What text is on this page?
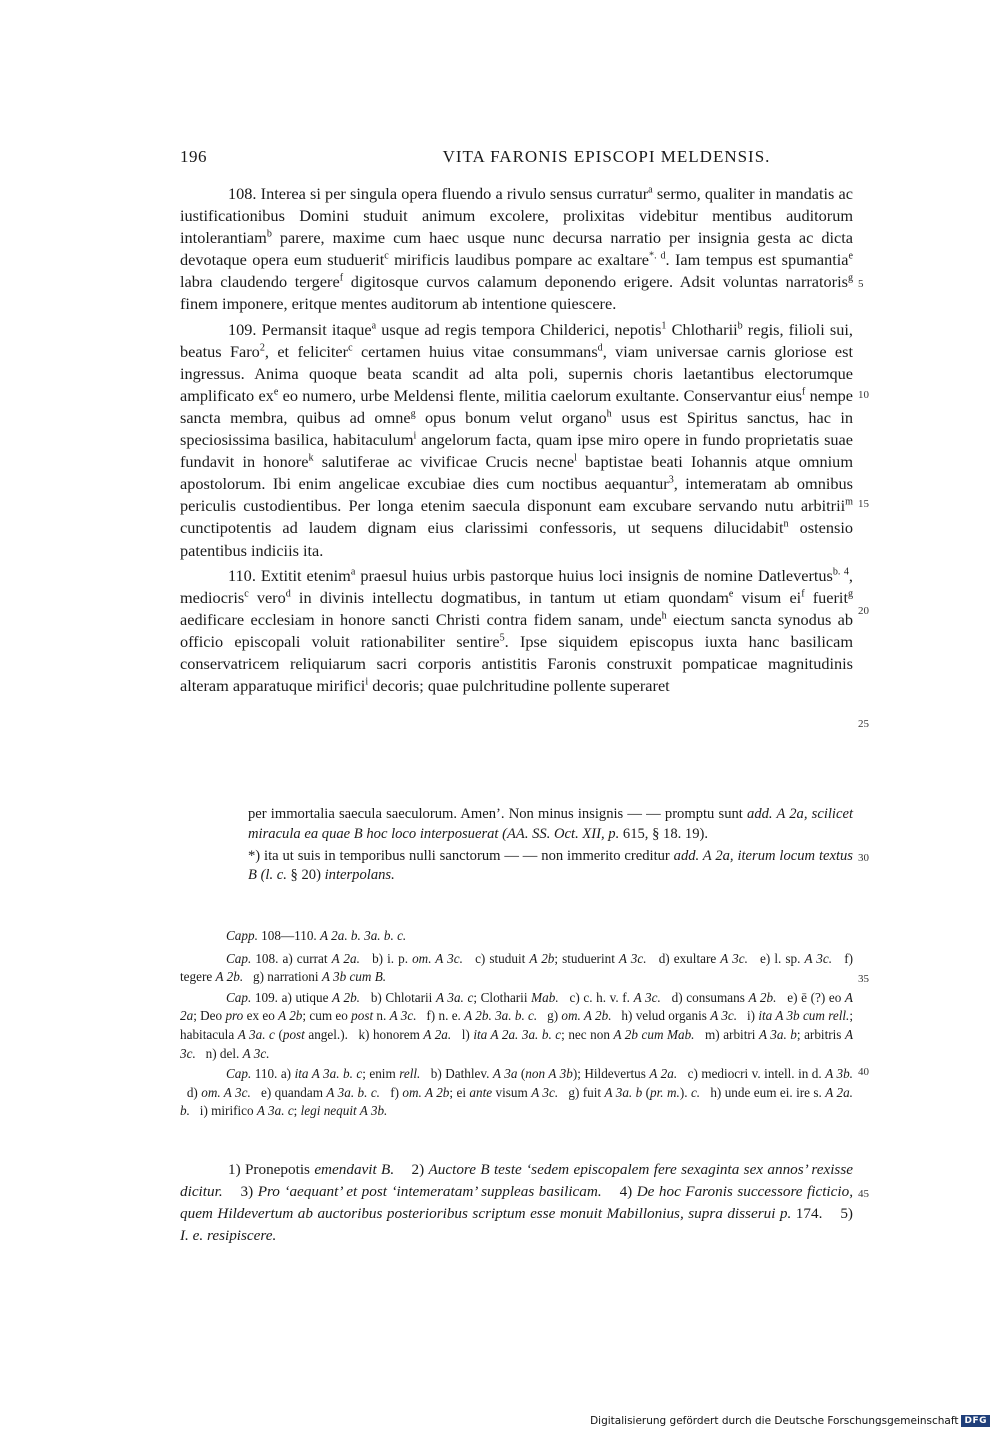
196	VITA FARONIS EPISCOPI MELDENSIS.

108. Interea si per singula opera fluendo a rivulo sensus curratur$^a$ sermo, qualiter in mandatis ac iustificationibus Domini studuit animum excolere, prolixitas videbitur mentibus auditorum intolerantiam$^b$ parere, maxime cum haec usque nunc decursa narratio per insignia gesta ac dicta devotaque opera eum studuerit$^c$ mirificis laudibus pompare ac exaltare$^{*. d}$. Iam tempus est spumantia$^e$ labra claudendo tergere$^f$ digitosque curvos calamum deponendo erigere. Adsit voluntas narratoris$^g$ finem imponere, eritque mentes auditorum ab intentione quiescere.

109. Permansit itaque$^a$ usque ad regis tempora Childerici, nepotis$^1$ Chlotharii$^b$ regis, filioli sui, beatus Faro$^2$, et feliciter$^c$ certamen huius vitae consummans$^d$, viam universae carnis gloriose est ingressus. Anima quoque beata scandit ad alta poli, supernis choris laetantibus electorumque amplificato $ex^e$ eo numero, urbe Meldensi flente, militia caelorum exultante. Conservantur eius$^f$ nempe sancta membra, quibus ad omne$^g$ opus bonum velut organo$^h$ usus est Spiritus sanctus, hac in speciosissima basilica, habitaculum$^i$ angelorum facta, quam ipse miro opere in fundo proprietatis suae fundavit in honore$^k$ salutiferae ac vivificae Crucis necne$^l$ baptistae beati Iohannis atque omnium apostolorum. Ibi enim angelicae excubiae dies cum noctibus aequantur$^3$, intemeratam ab omnibus periculis custodientibus. Per longa etenim saecula disponunt eam excubare servando nutu arbitrii$^m$ cunctipotentis ad laudem dignam eius clarissimi confessoris, ut sequens dilucidabit$^n$ ostensio patentibus indiciis ita.

110. Extitit etenim$^a$ praesul huius urbis pastorque huius loci insignis de nomine Datlevertus$^{b. 4}$, mediocris$^c$ vero$^d$ in divinis intellectu dogmatibus, in tantum ut etiam quondam$^e$ visum $ei^f$ fuerit$^g$ aedificare ecclesiam in honore sancti Christi contra fidem sanam, unde$^h$ eiectum sancta synodus ab officio episcopali voluit rationabiliter sentire$^5$. Ipse siquidem episcopus iuxta hanc basilicam conservatricem reliquiarum sacri corporis antistitis Faronis construxit pompaticae magnitudinis alteram apparatuque mirifici$^i$ decoris; quae pulchritudine pollente superaret

per immortalia saecula saeculorum. Amen’. Non minus insignis — — promptu sunt add. A 2a, scilicet miracula ea quae B hoc loco interposuerat (AA. SS. Oct. XII, p. 615, § 18. 19).

*) ita ut suis in temporibus nulli sanctorum — — non immerito creditur add. A 2a, iterum locum textus B (l. c. § 20) interpolans.

Capp. 108—110. A 2a. b. 3a. b. c.

Cap. 108. a) currat A 2a.   b) i. p. om. A 3c.   c) studuit A 2b; studuerint A 3c.   d) exultare A 3c.   e) l. sp. A 3c.   f) tegere A 2b.   g) narrationi A 3b cum B.

Cap. 109. a) utique A 2b.   b) Chlotarii A 3a. c; Clotharii Mab.   c) c. h. v. f. A 3c.   d) consumans A 2b.   e) ē (?) eo A 2a; Deo pro ex eo A 2b; cum eo post n. A 3c.   f) n. e. A 2b. 3a. b. c.   g) om. A 2b.   h) velud organis A 3c.   i) ita A 3b cum rell.; habitacula A 3a. c (post angel.).   k) honorem A 2a.   l) ita A 2a. 3a. b. c; nec non A 2b cum Mab.   m) arbitri A 3a. b; arbitris A 3c.   n) del. A 3c.

Cap. 110. a) ita A 3a. b. c; enim rell.   b) Dathlev. A 3a (non A 3b); Hildevertus A 2a.   c) mediocri v. intell. in d. A 3b.   d) om. A 3c.   e) quandam A 3a. b. c.   f) om. A 2b; ei ante visum A 3c.   g) fuit A 3a. b (pr. m.). c.   h) unde eum ei. ire s. A 2a. b.   i) mirifico A 3a. c; legi nequit A 3b.

1) Pronepotis emendavit B.    2) Auctore B teste ‘sedem episcopalem fere sexaginta sex annos’ rexisse dicitur.    3) Pro ‘aequant’ et post ‘intemeratam’ suppleas basilicam.    4) De hoc Faronis successore ficticio, quem Hildevertum ab auctoribus posterioribus scriptum esse monuit Mabillonius, supra disserui p. 174.    5) I. e. resipiscere.

5
10
15
20
25
30
35
40
45
Digitalisierung gefördert durch die Deutsche Forschungsgemeinschaft DFG
